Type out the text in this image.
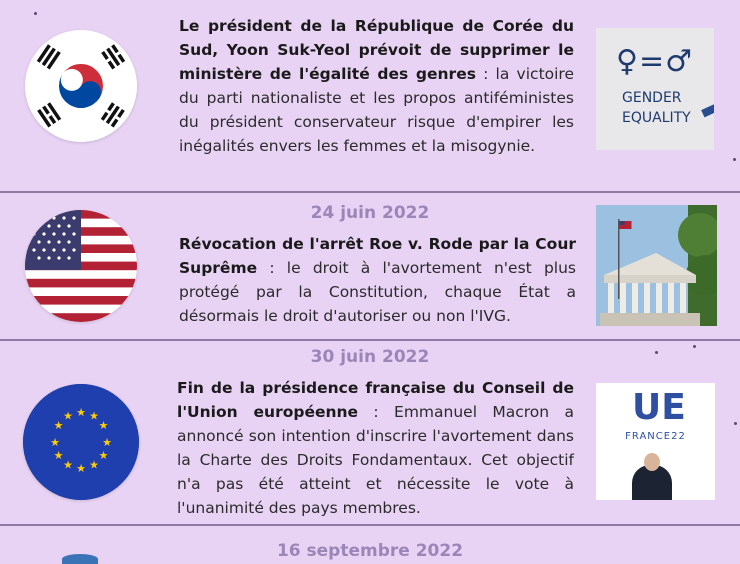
Le président de la République de Corée du Sud, Yoon Suk-Yeol prévoit de supprimer le ministère de l'égalité des genres : la victoire du parti nationaliste et les propos antiféministes du président conservateur risque d'empirer les inégalités envers les femmes et la misogynie.
♀=♂
GENDER
EQUALITY
24 juin 2022
Révocation de l'arrêt Roe v. Rode par la Cour Suprême : le droit à l'avortement n'est plus protégé par la Constitution, chaque État a désormais le droit d'autoriser ou non l'IVG.
30 juin 2022
★ ★
★
★
★
★
★
★
★
★
★
★
Fin de la présidence française du Conseil de l'Union européenne : Emmanuel Macron a annoncé son intention d'inscrire l'avortement dans la Charte des Droits Fondamentaux. Cet objectif n'a pas été atteint et nécessite le vote à l'unanimité des pays membres.
UE
FRANCE22
16 septembre 2022
